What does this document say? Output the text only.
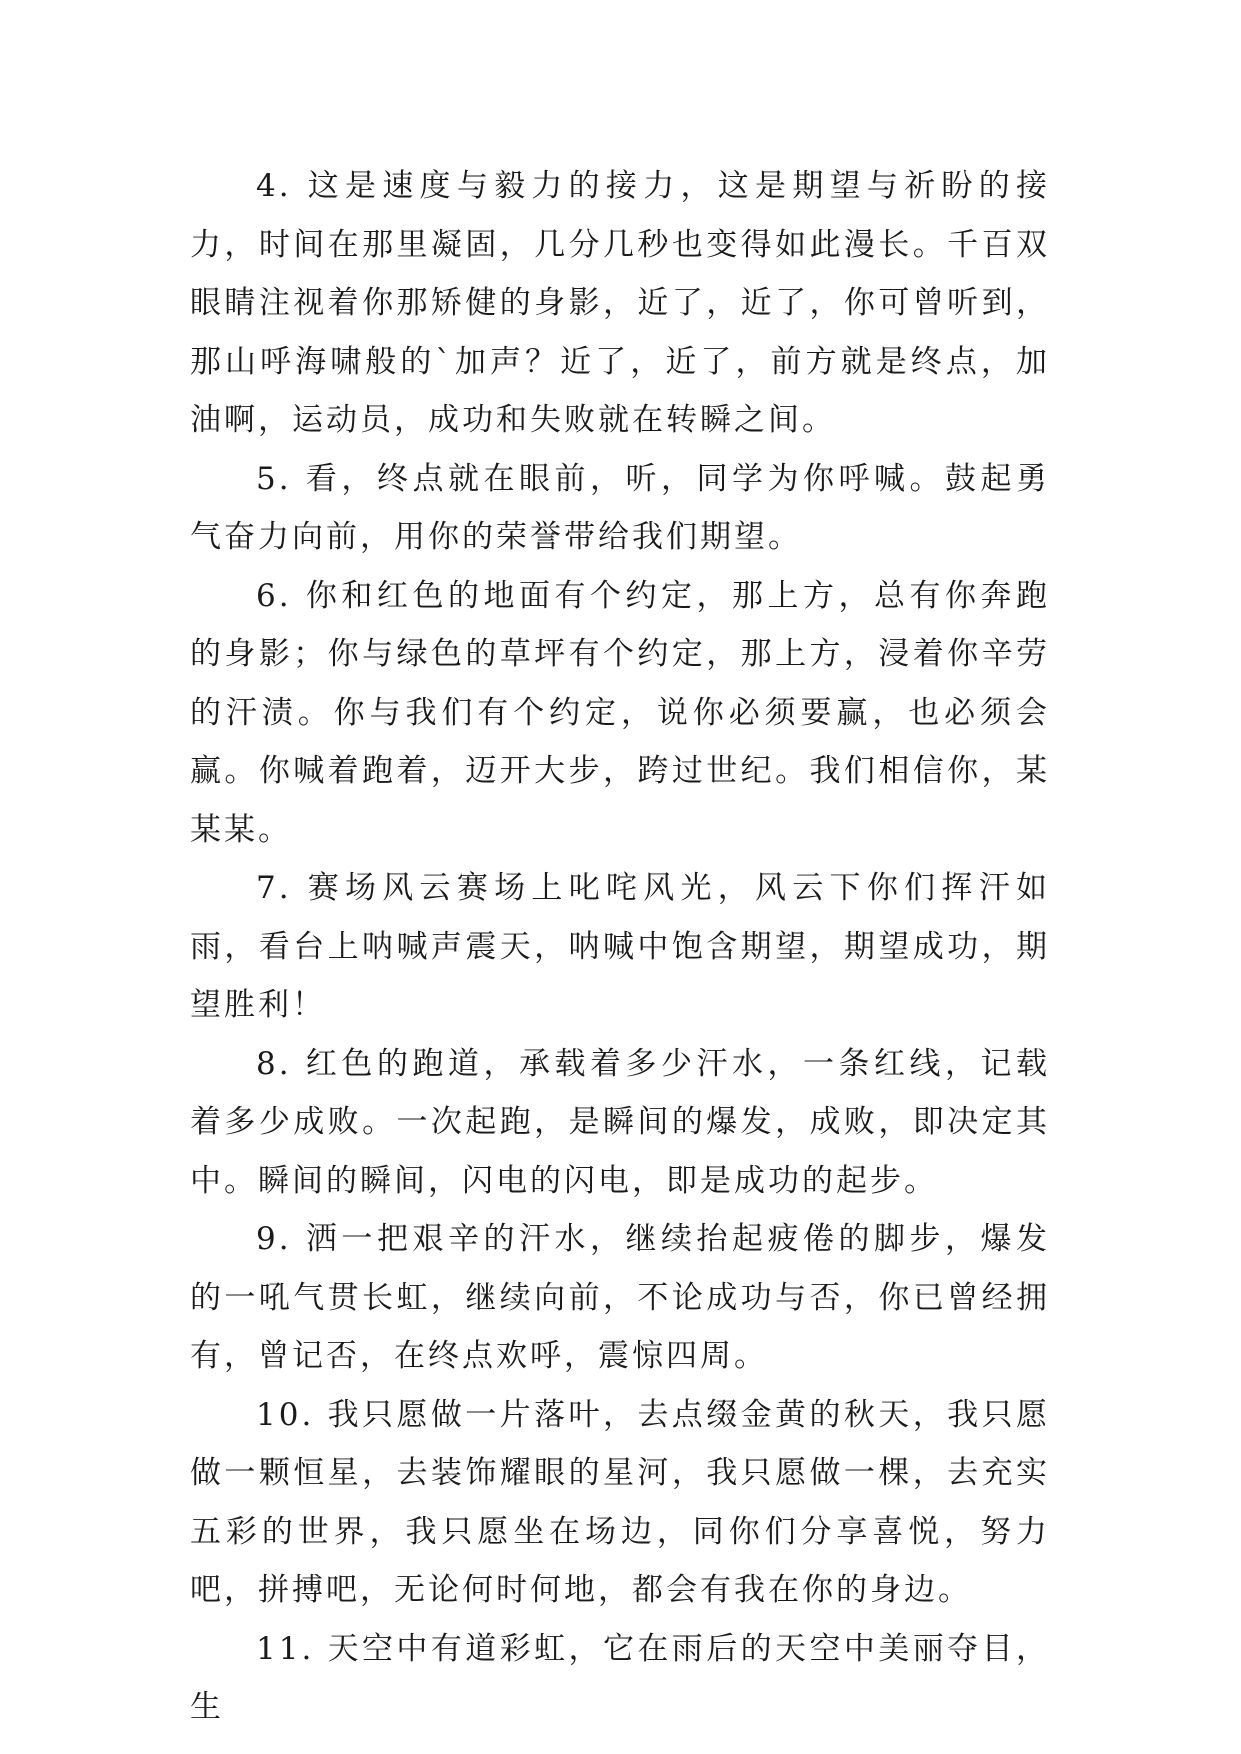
4. 这是速度与毅力的接力，这是期望与祈盼的接力，时间在那里凝固，几分几秒也变得如此漫长。千百双眼睛注视着你那矫健的身影，近了，近了，你可曾听到，那山呼海啸般的`加声？近了，近了，前方就是终点，加油啊，运动员，成功和失败就在转瞬之间。

5. 看，终点就在眼前，听，同学为你呼喊。鼓起勇气奋力向前，用你的荣誉带给我们期望。

6. 你和红色的地面有个约定，那上方，总有你奔跑的身影；你与绿色的草坪有个约定，那上方，浸着你辛劳的汗渍。你与我们有个约定，说你必须要赢，也必须会赢。你喊着跑着，迈开大步，跨过世纪。我们相信你，某某某。

7. 赛场风云赛场上叱咤风光，风云下你们挥汗如雨，看台上呐喊声震天，呐喊中饱含期望，期望成功，期望胜利！

8. 红色的跑道，承载着多少汗水，一条红线，记载着多少成败。一次起跑，是瞬间的爆发，成败，即决定其中。瞬间的瞬间，闪电的闪电，即是成功的起步。

9. 洒一把艰辛的汗水，继续抬起疲倦的脚步，爆发的一吼气贯长虹，继续向前，不论成功与否，你已曾经拥有，曾记否，在终点欢呼，震惊四周。

10. 我只愿做一片落叶，去点缀金黄的秋天，我只愿做一颗恒星，去装饰耀眼的星河，我只愿做一棵，去充实五彩的世界，我只愿坐在场边，同你们分享喜悦，努力吧，拼搏吧，无论何时何地，都会有我在你的身边。

11. 天空中有道彩虹，它在雨后的天空中美丽夺目，生
